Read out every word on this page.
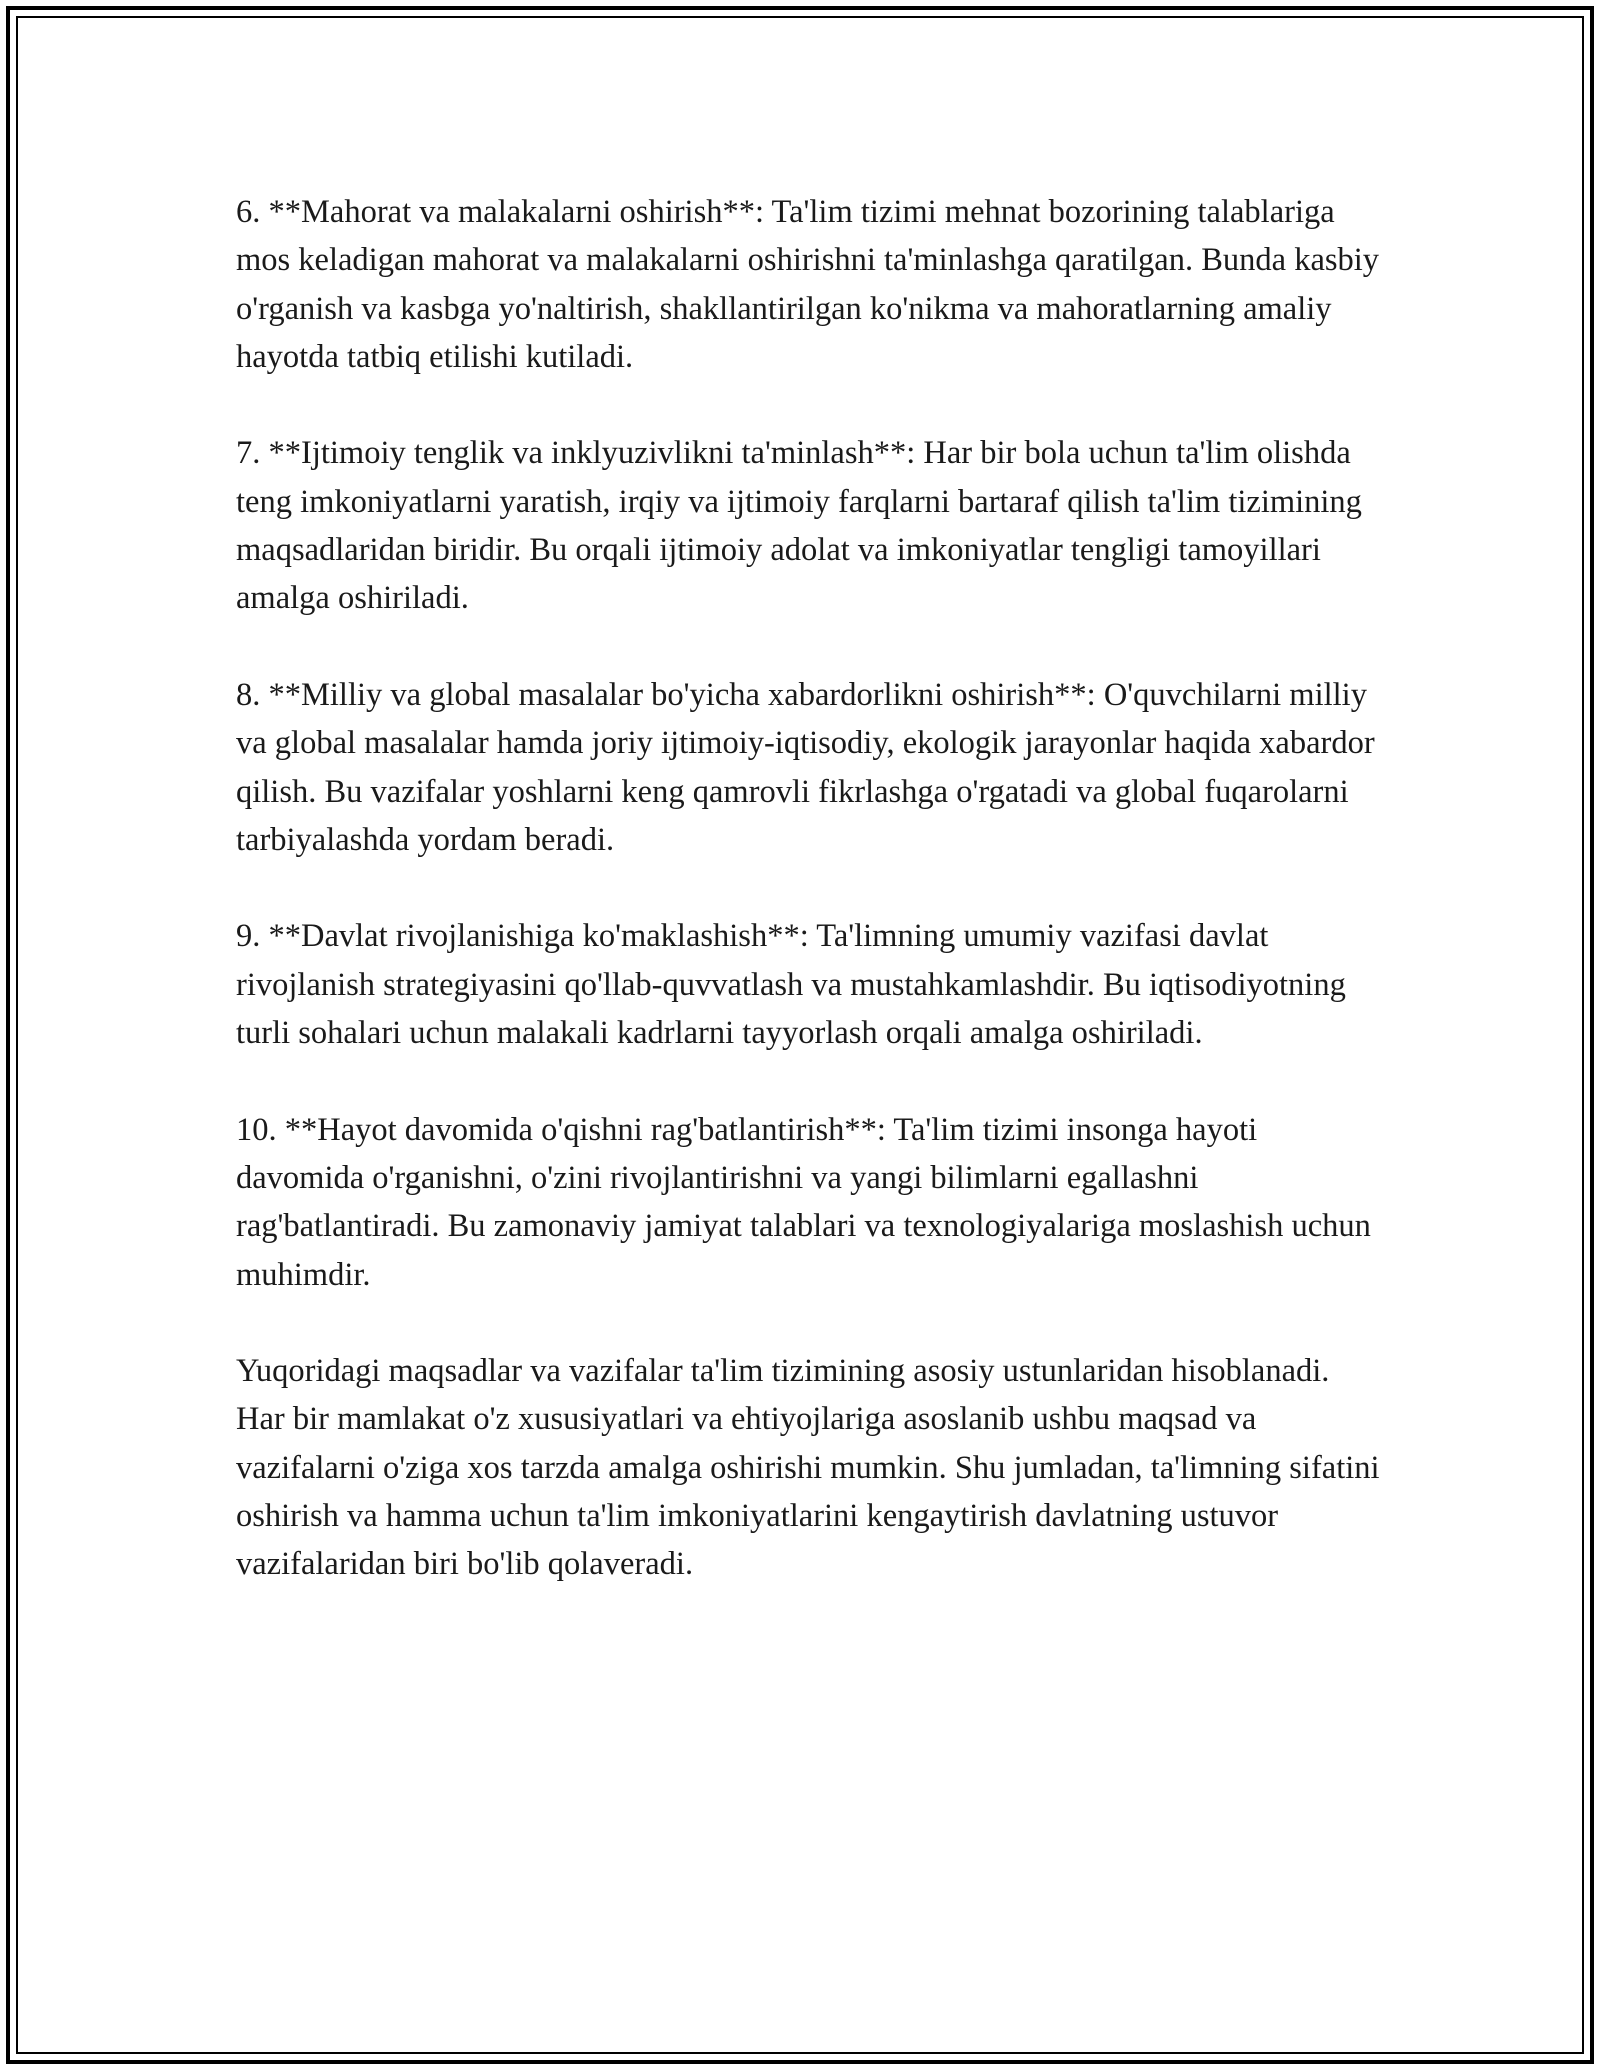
6. **Mahorat va malakalarni oshirish**: Ta'lim tizimi mehnat bozorining talablariga mos keladigan mahorat va malakalarni oshirishni ta'minlashga qaratilgan. Bunda kasbiy o'rganish va kasbga yo'naltirish, shakllantirilgan ko'nikma va mahoratlarning amaliy hayotda tatbiq etilishi kutiladi.

7. **Ijtimoiy tenglik va inklyuzivlikni ta'minlash**: Har bir bola uchun ta'lim olishda teng imkoniyatlarni yaratish, irqiy va ijtimoiy farqlarni bartaraf qilish ta'lim tizimining maqsadlaridan biridir. Bu orqali ijtimoiy adolat va imkoniyatlar tengligi tamoyillari amalga oshiriladi.

8. **Milliy va global masalalar bo'yicha xabardorlikni oshirish**: O'quvchilarni milliy va global masalalar hamda joriy ijtimoiy-iqtisodiy, ekologik jarayonlar haqida xabardor qilish. Bu vazifalar yoshlarni keng qamrovli fikrlashga o'rgatadi va global fuqarolarni tarbiyalashda yordam beradi.

9. **Davlat rivojlanishiga ko'maklashish**: Ta'limning umumiy vazifasi davlat rivojlanish strategiyasini qo'llab-quvvatlash va mustahkamlashdir. Bu iqtisodiyotning turli sohalari uchun malakali kadrlarni tayyorlash orqali amalga oshiriladi.

10. **Hayot davomida o'qishni rag'batlantirish**: Ta'lim tizimi insonga hayoti davomida o'rganishni, o'zini rivojlantirishni va yangi bilimlarni egallashni rag'batlantiradi. Bu zamonaviy jamiyat talablari va texnologiyalariga moslashish uchun muhimdir.

Yuqoridagi maqsadlar va vazifalar ta'lim tizimining asosiy ustunlaridan hisoblanadi. Har bir mamlakat o'z xususiyatlari va ehtiyojlariga asoslanib ushbu maqsad va vazifalarni o'ziga xos tarzda amalga oshirishi mumkin. Shu jumladan, ta'limning sifatini oshirish va hamma uchun ta'lim imkoniyatlarini kengaytirish davlatning ustuvor vazifalaridan biri bo'lib qolaveradi.
